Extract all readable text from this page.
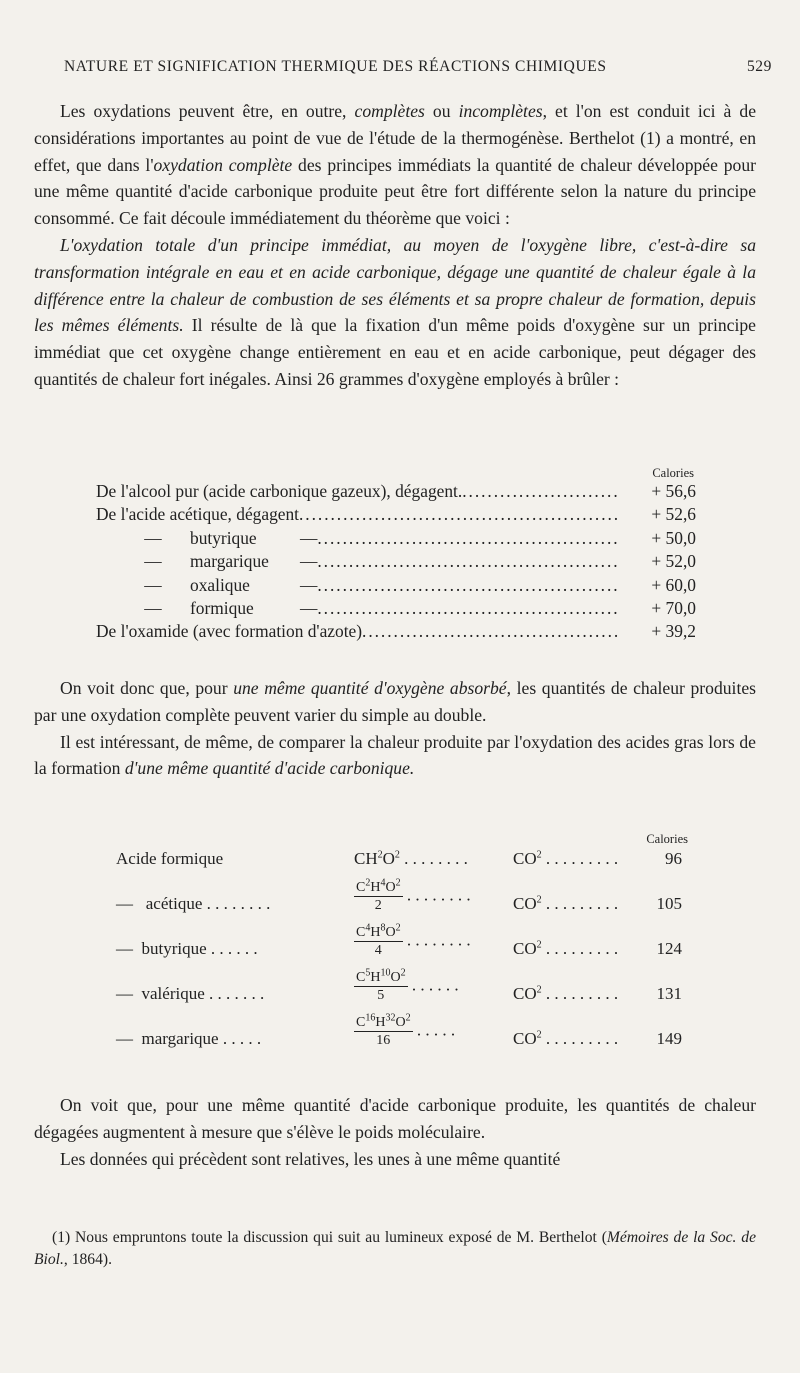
NATURE ET SIGNIFICATION THERMIQUE DES RÉACTIONS CHIMIQUES	529

Les oxydations peuvent être, en outre, complètes ou incomplètes, et l'on est conduit ici à de considérations importantes au point de vue de l'étude de la thermogénèse. Berthelot (1) a montré, en effet, que dans l'oxydation complète des principes immédiats la quantité de chaleur développée pour une même quantité d'acide carbonique produite peut être fort différente selon la nature du principe consommé. Ce fait découle immédiatement du théorème que voici :

L'oxydation totale d'un principe immédiat, au moyen de l'oxygène libre, c'est-à-dire sa transformation intégrale en eau et en acide carbonique, dégage une quantité de chaleur égale à la différence entre la chaleur de combustion de ses éléments et sa propre chaleur de formation, depuis les mêmes éléments. Il résulte de là que la fixation d'un même poids d'oxygène sur un principe immédiat que cet oxygène change entièrement en eau et en acide carbonique, peut dégager des quantités de chaleur fort inégales. Ainsi 26 grammes d'oxygène employés à brûler :

Calories
De l'alcool pur (acide carbonique gazeux), dégagent. . . .	+ 56,6
De l'acide acétique, dégagent . . .	+ 52,6
— butyrique — . . .	+ 50,0
— margarique — . . .	+ 52,0
— oxalique	— . . .	+ 60,0
— formique	— . . .	+ 70,0
De l'oxamide (avec formation d'azote) . . .	+ 39,2

On voit donc que, pour une même quantité d'oxygène absorbé, les quantités de chaleur produites par une oxydation complète peuvent varier du simple au double.

Il est intéressant, de même, de comparer la chaleur produite par l'oxydation des acides gras lors de la formation d'une même quantité d'acide carbonique.

Calories
Acide formique	$CH^2O^2$ . . . . . . . .	$CO^2$ . . . . . . . . .	96
— acétique . . . . . . . .	$\frac{C^2H^4O^2}{2}$ . . . . . . . . $CO^2$ . . . . . . . . . 105
— butyrique . . . . . .	$\frac{C^4H^8O^2}{4}$ . . . . . . . . $CO^2$ . . . . . . . . . 124
— valérique . . . . . . .	$\frac{C^5H^{10}O^2}{5}$ . . . . . .	$CO^2$ . . . . . . . . . 131
— margarique . . . . .	$\frac{C^{16}H^{32}O^2}{16}$ . . . . .	$CO^2$ . . . . . . . . . 149

On voit que, pour une même quantité d'acide carbonique produite, les quantités de chaleur dégagées augmentent à mesure que s'élève le poids moléculaire.

Les données qui précèdent sont relatives, les unes à une même quantité

(1) Nous empruntons toute la discussion qui suit au lumineux exposé de M. Berthelot (Mémoires de la Soc. de Biol., 1864).
